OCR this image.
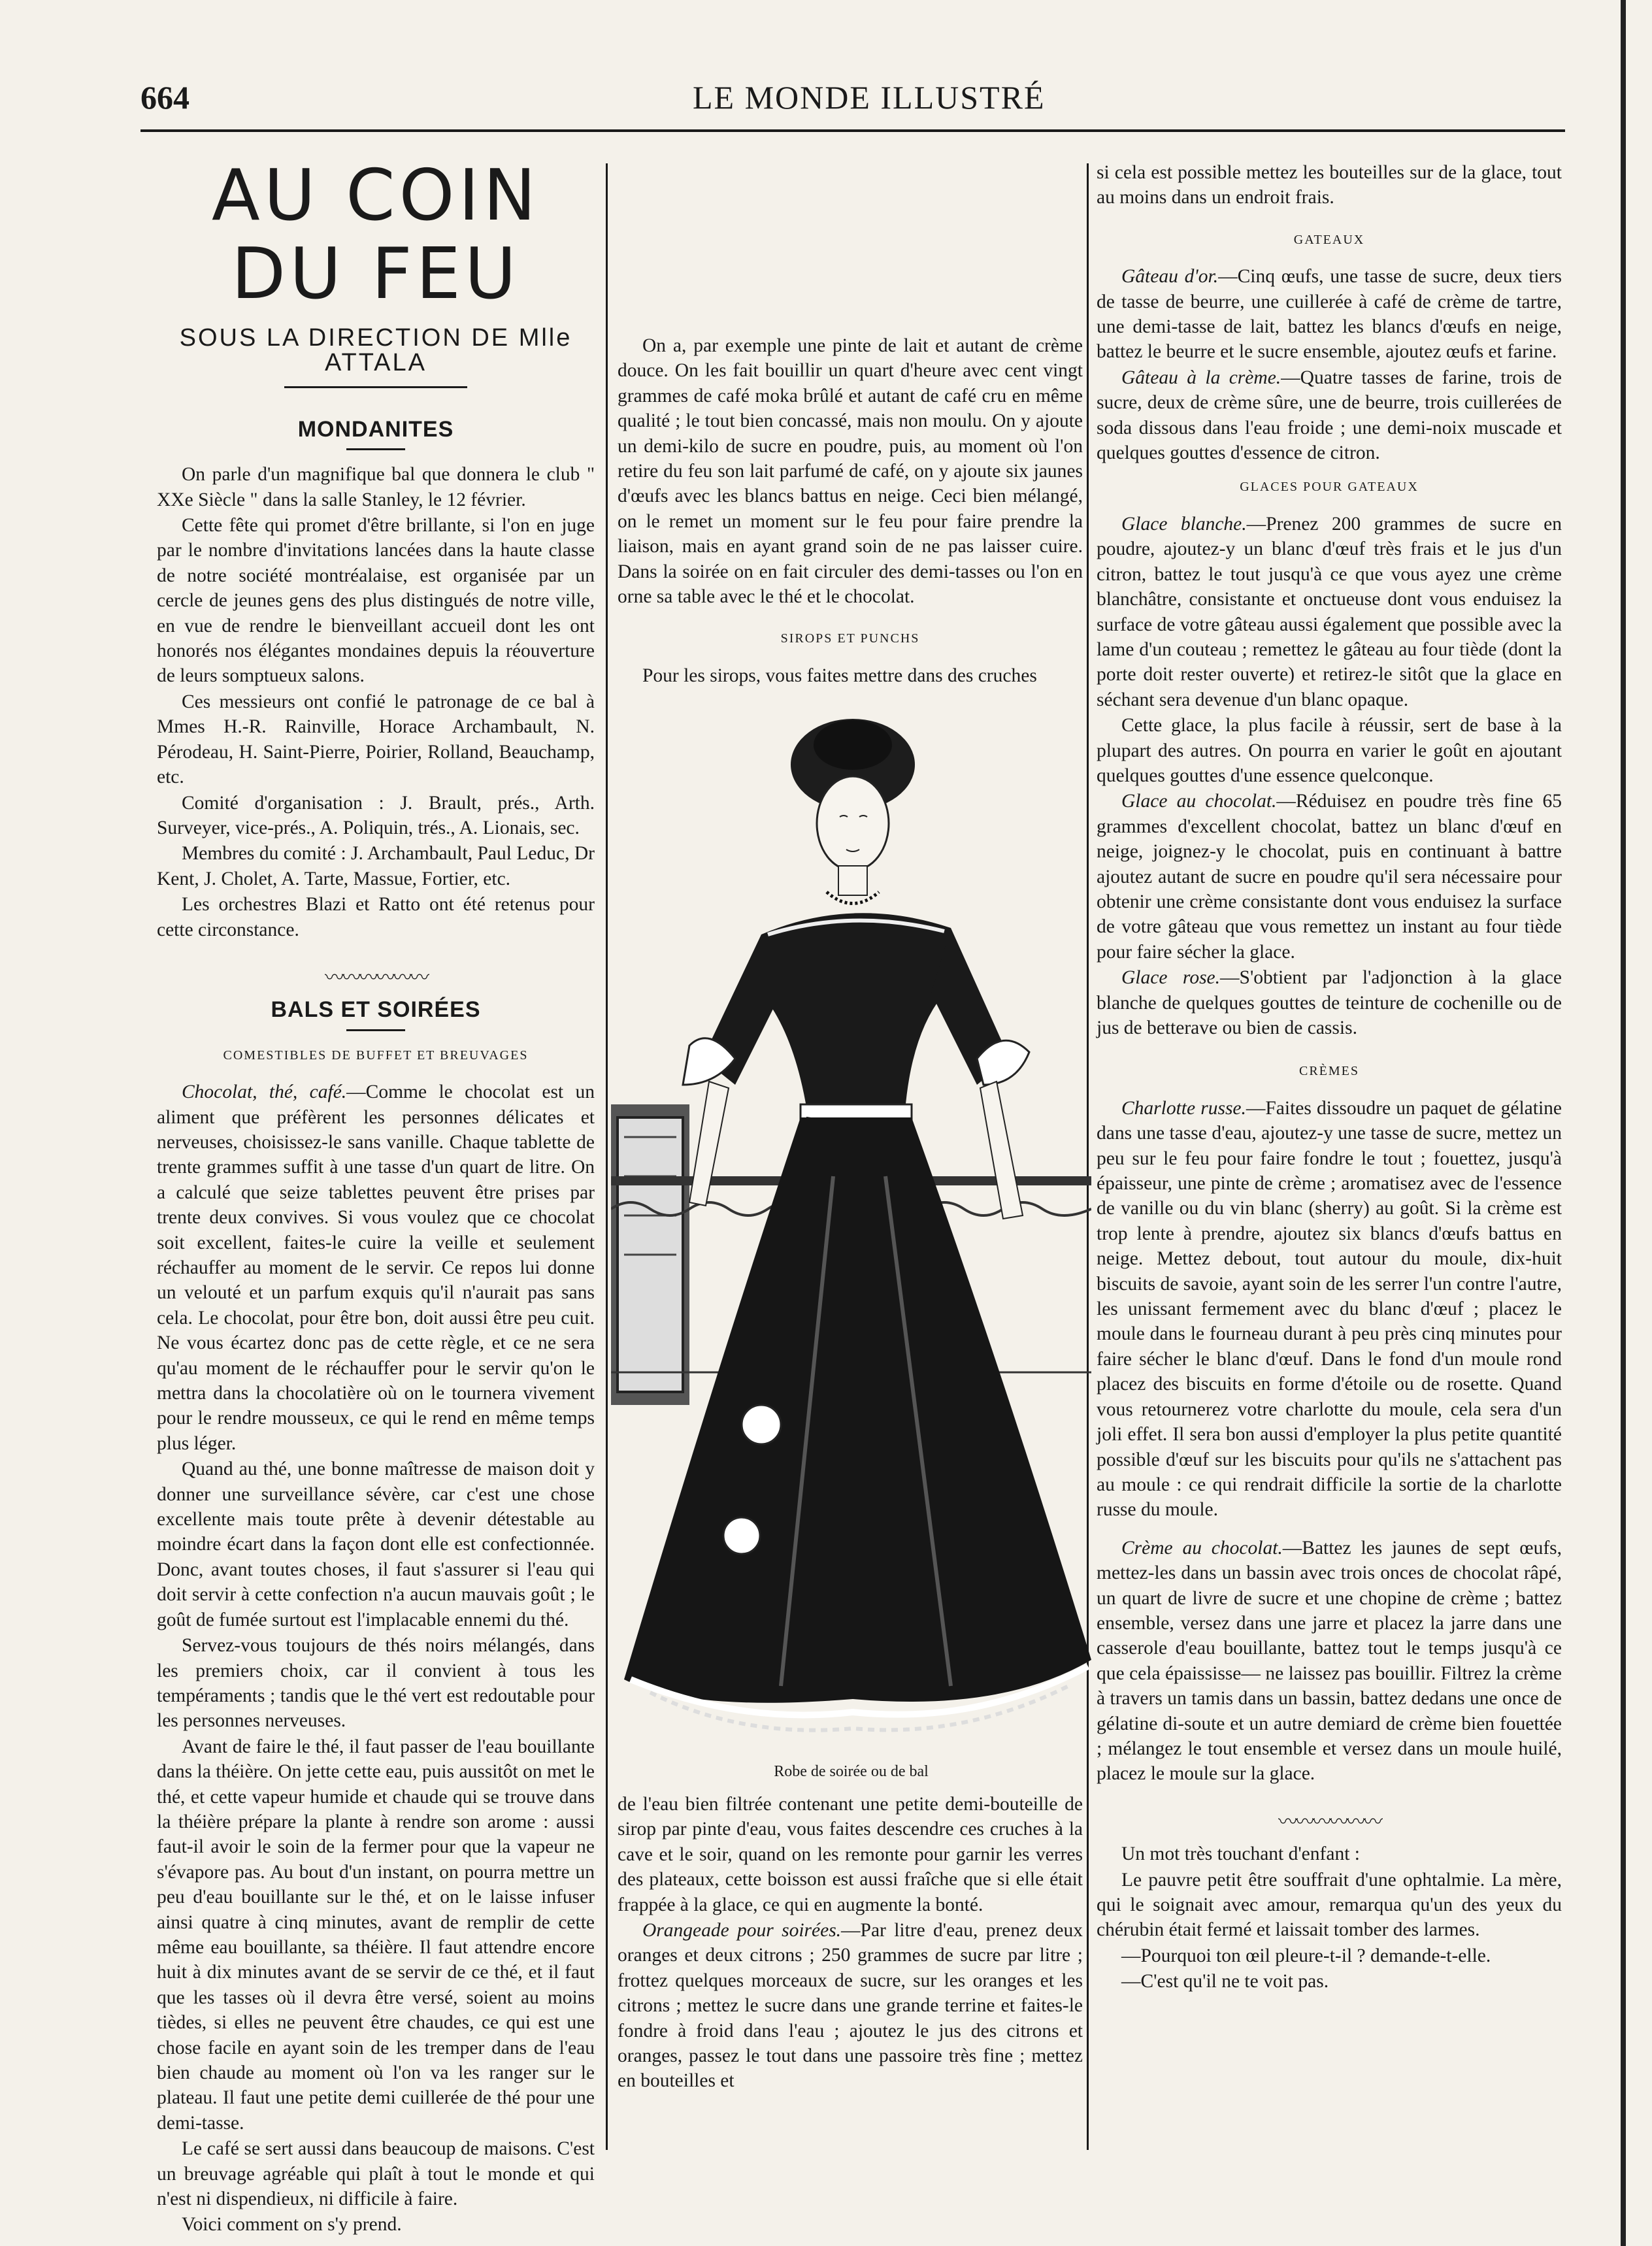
664	LE MONDE ILLUSTRÉ
AU COIN DU FEU
SOUS LA DIRECTION DE Mlle ATTALA
MONDANITES

On parle d'un magnifique bal que donnera le club " XXe Siècle " dans la salle Stanley, le 12 février.

Cette fête qui promet d'être brillante, si l'on en juge par le nombre d'invitations lancées dans la haute classe de notre société montréalaise, est organisée par un cercle de jeunes gens des plus distingués de notre ville, en vue de rendre le bienveillant accueil dont les ont honorés nos élégantes mondaines depuis la réouverture de leurs somptueux salons.

Ces messieurs ont confié le patronage de ce bal à Mmes H.-R. Rainville, Horace Archambault, N. Pérodeau, H. Saint-Pierre, Poirier, Rolland, Beauchamp, etc.

Comité d'organisation : J. Brault, prés., Arth. Surveyer, vice-prés., A. Poliquin, trés., A. Lionais, sec.

Membres du comité : J. Archambault, Paul Leduc, Dr Kent, J. Cholet, A. Tarte, Massue, Fortier, etc.

Les orchestres Blazi et Ratto ont été retenus pour cette circonstance.

〰〰〰〰〰〰
BALS ET SOIRÉES
COMESTIBLES DE BUFFET ET BREUVAGES

Chocolat, thé, café.—Comme le chocolat est un aliment que préfèrent les personnes délicates et nerveuses, choisissez-le sans vanille. Chaque tablette de trente grammes suffit à une tasse d'un quart de litre. On a calculé que seize tablettes peuvent être prises par trente deux convives. Si vous voulez que ce chocolat soit excellent, faites-le cuire la veille et seulement réchauffer au moment de le servir. Ce repos lui donne un velouté et un parfum exquis qu'il n'aurait pas sans cela. Le chocolat, pour être bon, doit aussi être peu cuit. Ne vous écartez donc pas de cette règle, et ce ne sera qu'au moment de le réchauffer pour le servir qu'on le mettra dans la chocolatière où on le tournera vivement pour le rendre mousseux, ce qui le rend en même temps plus léger.

Quand au thé, une bonne maîtresse de maison doit y donner une surveillance sévère, car c'est une chose excellente mais toute prête à devenir détestable au moindre écart dans la façon dont elle est confectionnée. Donc, avant toutes choses, il faut s'assurer si l'eau qui doit servir à cette confection n'a aucun mauvais goût ; le goût de fumée surtout est l'implacable ennemi du thé.

Servez-vous toujours de thés noirs mélangés, dans les premiers choix, car il convient à tous les tempéraments ; tandis que le thé vert est redoutable pour les personnes nerveuses.

Avant de faire le thé, il faut passer de l'eau bouillante dans la théière. On jette cette eau, puis aussitôt on met le thé, et cette vapeur humide et chaude qui se trouve dans la théière prépare la plante à rendre son arome : aussi faut-il avoir le soin de la fermer pour que la vapeur ne s'évapore pas. Au bout d'un instant, on pourra mettre un peu d'eau bouillante sur le thé, et on le laisse infuser ainsi quatre à cinq minutes, avant de remplir de cette même eau bouillante, sa théière. Il faut attendre encore huit à dix minutes avant de se servir de ce thé, et il faut que les tasses où il devra être versé, soient au moins tièdes, si elles ne peuvent être chaudes, ce qui est une chose facile en ayant soin de les tremper dans de l'eau bien chaude au moment où l'on va les ranger sur le plateau. Il faut une petite demi cuillerée de thé pour une demi-tasse.

Le café se sert aussi dans beaucoup de maisons. C'est un breuvage agréable qui plaît à tout le monde et qui n'est ni dispendieux, ni difficile à faire.

Voici comment on s'y prend.

On a, par exemple une pinte de lait et autant de crème douce. On les fait bouillir un quart d'heure avec cent vingt grammes de café moka brûlé et autant de café cru en même qualité ; le tout bien concassé, mais non moulu. On y ajoute un demi-kilo de sucre en poudre, puis, au moment où l'on retire du feu son lait parfumé de café, on y ajoute six jaunes d'œufs avec les blancs battus en neige. Ceci bien mélangé, on le remet un moment sur le feu pour faire prendre la liaison, mais en ayant grand soin de ne pas laisser cuire. Dans la soirée on en fait circuler des demi-tasses ou l'on en orne sa table avec le thé et le chocolat.

SIROPS ET PUNCHS

Pour les sirops, vous faites mettre dans des cruches

Robe de soirée ou de bal

de l'eau bien filtrée contenant une petite demi-bouteille de sirop par pinte d'eau, vous faites descendre ces cruches à la cave et le soir, quand on les remonte pour garnir les verres des plateaux, cette boisson est aussi fraîche que si elle était frappée à la glace, ce qui en augmente la bonté.

Orangeade pour soirées.—Par litre d'eau, prenez deux oranges et deux citrons ; 250 grammes de sucre par litre ; frottez quelques morceaux de sucre, sur les oranges et les citrons ; mettez le sucre dans une grande terrine et faites-le fondre à froid dans l'eau ; ajoutez le jus des citrons et oranges, passez le tout dans une passoire très fine ; mettez en bouteilles et

si cela est possible mettez les bouteilles sur de la glace, tout au moins dans un endroit frais.

GATEAUX

Gâteau d'or.—Cinq œufs, une tasse de sucre, deux tiers de tasse de beurre, une cuillerée à café de crème de tartre, une demi-tasse de lait, battez les blancs d'œufs en neige, battez le beurre et le sucre ensemble, ajoutez œufs et farine.

Gâteau à la crème.—Quatre tasses de farine, trois de sucre, deux de crème sûre, une de beurre, trois cuillerées de soda dissous dans l'eau froide ; une demi-noix muscade et quelques gouttes d'essence de citron.

GLACES POUR GATEAUX

Glace blanche.—Prenez 200 grammes de sucre en poudre, ajoutez-y un blanc d'œuf très frais et le jus d'un citron, battez le tout jusqu'à ce que vous ayez une crème blanchâtre, consistante et onctueuse dont vous enduisez la surface de votre gâteau aussi également que possible avec la lame d'un couteau ; remettez le gâteau au four tiède (dont la porte doit rester ouverte) et retirez-le sitôt que la glace en séchant sera devenue d'un blanc opaque.

Cette glace, la plus facile à réussir, sert de base à la plupart des autres. On pourra en varier le goût en ajoutant quelques gouttes d'une essence quelconque.

Glace au chocolat.—Réduisez en poudre très fine 65 grammes d'excellent chocolat, battez un blanc d'œuf en neige, joignez-y le chocolat, puis en continuant à battre ajoutez autant de sucre en poudre qu'il sera nécessaire pour obtenir une crème consistante dont vous enduisez la surface de votre gâteau que vous remettez un instant au four tiède pour faire sécher la glace.

Glace rose.—S'obtient par l'adjonction à la glace blanche de quelques gouttes de teinture de cochenille ou de jus de betterave ou bien de cassis.

CRÈMES

Charlotte russe.—Faites dissoudre un paquet de gélatine dans une tasse d'eau, ajoutez-y une tasse de sucre, mettez un peu sur le feu pour faire fondre le tout ; fouettez, jusqu'à épaisseur, une pinte de crème ; aromatisez avec de l'essence de vanille ou du vin blanc (sherry) au goût. Si la crème est trop lente à prendre, ajoutez six blancs d'œufs battus en neige. Mettez debout, tout autour du moule, dix-huit biscuits de savoie, ayant soin de les serrer l'un contre l'autre, les unissant fermement avec du blanc d'œuf ; placez le moule dans le fourneau durant à peu près cinq minutes pour faire sécher le blanc d'œuf. Dans le fond d'un moule rond placez des biscuits en forme d'étoile ou de rosette. Quand vous retournerez votre charlotte du moule, cela sera d'un joli effet. Il sera bon aussi d'employer la plus petite quantité possible d'œuf sur les biscuits pour qu'ils ne s'attachent pas au moule : ce qui rendrait difficile la sortie de la charlotte russe du moule.

Crème au chocolat.—Battez les jaunes de sept œufs, mettez-les dans un bassin avec trois onces de chocolat râpé, un quart de livre de sucre et une chopine de crème ; battez ensemble, versez dans une jarre et placez la jarre dans une casserole d'eau bouillante, battez tout le temps jusqu'à ce que cela épaississe— ne laissez pas bouillir. Filtrez la crème à travers un tamis dans un bassin, battez dedans une once de gélatine di-soute et un autre demiard de crème bien fouettée ; mélangez le tout ensemble et versez dans un moule huilé, placez le moule sur la glace.

〰〰〰〰〰〰

Un mot très touchant d'enfant :

Le pauvre petit être souffrait d'une ophtalmie. La mère, qui le soignait avec amour, remarqua qu'un des yeux du chérubin était fermé et laissait tomber des larmes.

—Pourquoi ton œil pleure-t-il ? demande-t-elle.

—C'est qu'il ne te voit pas.
